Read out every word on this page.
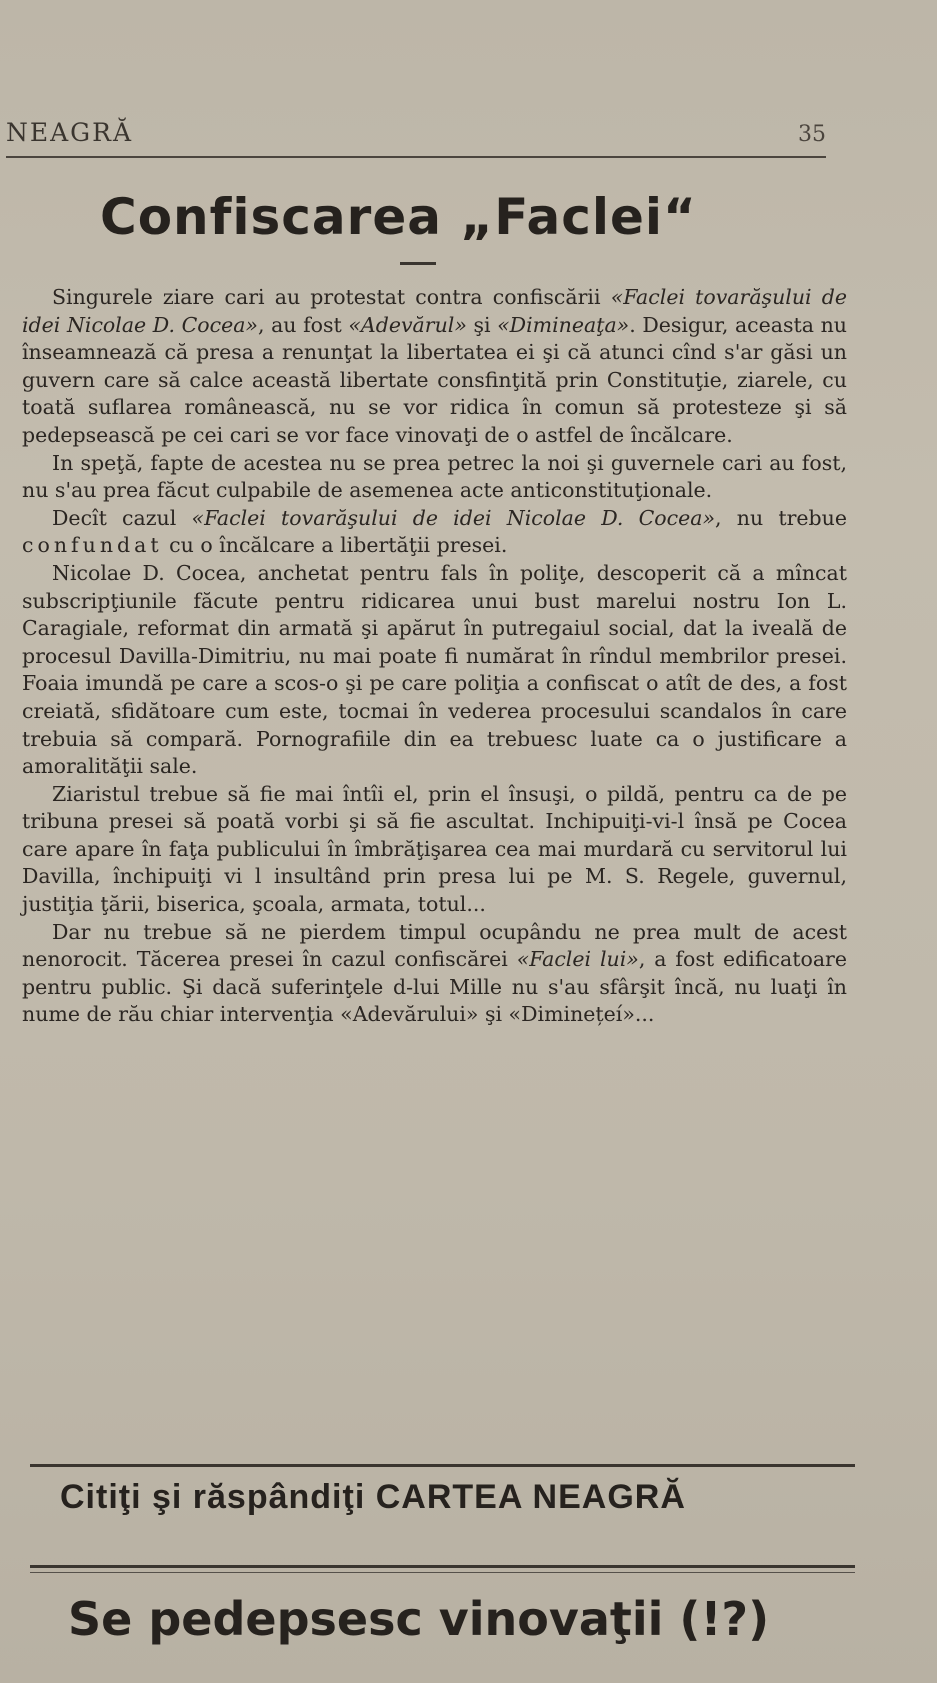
NEAGRĂ	35
Confiscarea „Faclei“

Singurele ziare cari au protestat contra confiscării «Faclei tovarăşului de idei Nicolae D. Cocea», au fost «Adevărul» şi «Dimineaţa». Desigur, aceasta nu înseamnează că presa a renunţat la libertatea ei şi că atunci cînd s'ar găsi un guvern care să calce această libertate consfinţită prin Constituţie, ziarele, cu toată suflarea românească, nu se vor ridica în comun să protesteze şi să pedepsească pe cei cari se vor face vinovaţi de o astfel de încălcare.

In speţă, fapte de acestea nu se prea petrec la noi şi guvernele cari au fost, nu s'au prea făcut culpabile de asemenea acte anticonstituţionale.

Decît cazul «Faclei tovarăşului de idei Nicolae D. Cocea», nu trebue confundat cu o încălcare a libertăţii presei.

Nicolae D. Cocea, anchetat pentru fals în poliţe, descoperit că a mîncat subscripţiunile făcute pentru ridicarea unui bust marelui nostru Ion L. Caragiale, reformat din armată şi apărut în putregaiul social, dat la iveală de procesul Davilla-Dimitriu, nu mai poate fi numărat în rîndul membrilor presei. Foaia imundă pe care a scos-o şi pe care poliţia a confiscat o atît de des, a fost creiată, sfidătoare cum este, tocmai în vederea procesului scandalos în care trebuia să compară. Pornografiile din ea trebuesc luate ca o justificare a amoralităţii sale.

Ziaristul trebue să fie mai întîi el, prin el însuşi, o pildă, pentru ca de pe tribuna presei să poată vorbi şi să fie ascultat. Inchipuiţi-vi-l însă pe Cocea care apare în faţa publicului în îmbrăţişarea cea mai murdară cu servitorul lui Davilla, închipuiţi vi l insultând prin presa lui pe M. S. Regele, guvernul, justiţia ţării, biserica, şcoala, armata, totul...

Dar nu trebue să ne pierdem timpul ocupându ne prea mult de acest nenorocit. Tăcerea presei în cazul confiscărei «Faclei lui», a fost edificatoare pentru public. Şi dacă suferinţele d-lui Mille nu s'au sfârşit încă, nu luaţi în nume de rău chiar intervenţia «Adevărului» şi «Diminețeí»...

Citiţi şi răspândiţi CARTEA NEAGRĂ
Se pedepsesc vinovaţii (!?)
